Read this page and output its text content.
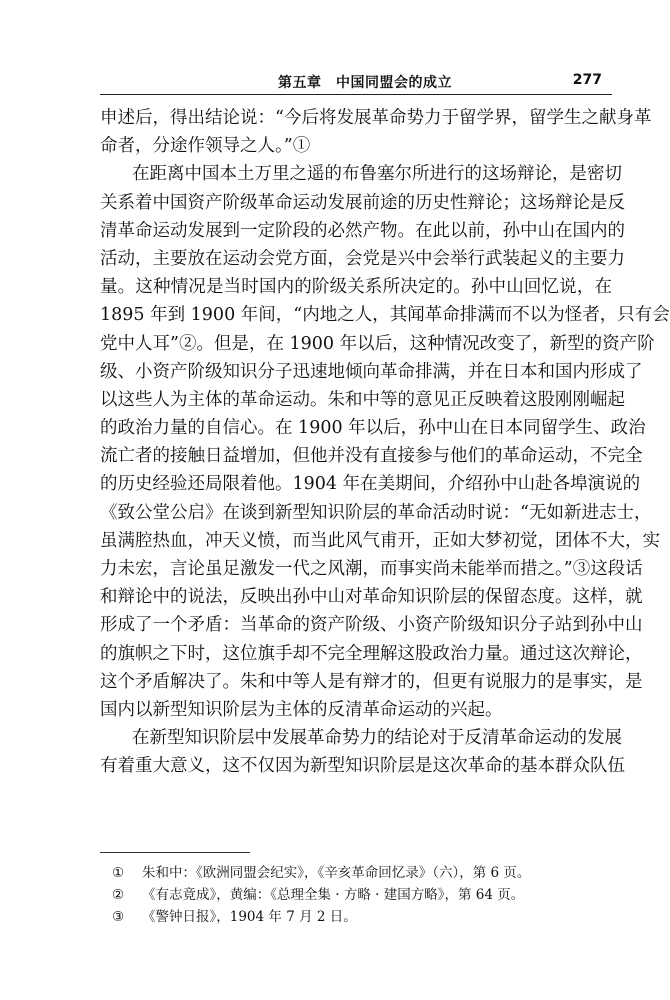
第五章　中国同盟会的成立	277
申述后，得出结论说：“今后将发展革命势力于留学界，留学生之献身革
命者，分途作领导之人。”①
在距离中国本土万里之遥的布鲁塞尔所进行的这场辩论，是密切
关系着中国资产阶级革命运动发展前途的历史性辩论；这场辩论是反
清革命运动发展到一定阶段的必然产物。在此以前，孙中山在国内的
活动，主要放在运动会党方面，会党是兴中会举行武装起义的主要力
量。这种情况是当时国内的阶级关系所决定的。孙中山回忆说，在
1895 年到 1900 年间，“内地之人，其闻革命排满而不以为怪者，只有会
党中人耳”②。但是，在 1900 年以后，这种情况改变了，新型的资产阶
级、小资产阶级知识分子迅速地倾向革命排满，并在日本和国内形成了
以这些人为主体的革命运动。朱和中等的意见正反映着这股刚刚崛起
的政治力量的自信心。在 1900 年以后，孙中山在日本同留学生、政治
流亡者的接触日益增加，但他并没有直接参与他们的革命运动，不完全
的历史经验还局限着他。1904 年在美期间，介绍孙中山赴各埠演说的
《致公堂公启》在谈到新型知识阶层的革命活动时说：“无如新进志士，
虽满腔热血，冲天义愤，而当此风气甫开，正如大梦初觉，团体不大，实
力未宏，言论虽足激发一代之风潮，而事实尚未能举而措之。”③这段话
和辩论中的说法，反映出孙中山对革命知识阶层的保留态度。这样，就
形成了一个矛盾：当革命的资产阶级、小资产阶级知识分子站到孙中山
的旗帜之下时，这位旗手却不完全理解这股政治力量。通过这次辩论，
这个矛盾解决了。朱和中等人是有辩才的，但更有说服力的是事实，是
国内以新型知识阶层为主体的反清革命运动的兴起。
在新型知识阶层中发展革命势力的结论对于反清革命运动的发展
有着重大意义，这不仅因为新型知识阶层是这次革命的基本群众队伍
① 朱和中：《欧洲同盟会纪实》，《辛亥革命回忆录》（六），第 6 页。
② 《有志竟成》，黄编：《总理全集 · 方略 · 建国方略》，第 64 页。
③ 《警钟日报》，1904 年 7 月 2 日。
